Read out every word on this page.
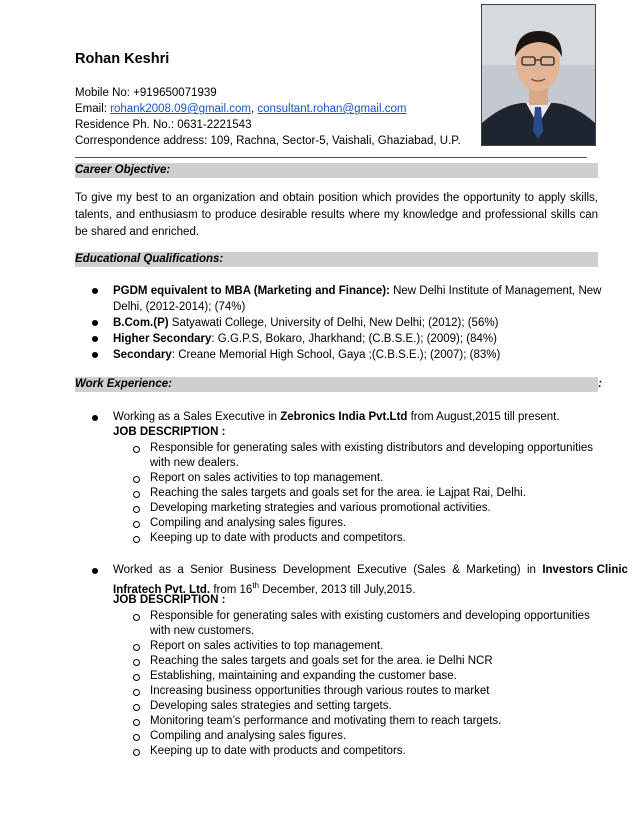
Rohan Keshri
Mobile No: +919650071939
Email: rohank2008.09@gmail.com, consultant.rohan@gmail.com
Residence Ph. No.: 0631-2221543
Correspondence address: 109, Rachna, Sector-5, Vaishali, Ghaziabad, U.P.
Career Objective:
To give my best to an organization and obtain position which provides the opportunity to apply skills, talents, and enthusiasm to produce desirable results where my knowledge and professional skills can be shared and enriched.
Educational Qualifications:
PGDM equivalent to MBA (Marketing and Finance): New Delhi Institute of Management, New
Delhi, (2012-2014); (74%)
B.Com.(P) Satyawati College, University of Delhi, New Delhi; (2012); (56%)
Higher Secondary: G.G.P.S, Bokaro, Jharkhand; (C.B.S.E.); (2009); (84%)
Secondary: Creane Memorial High School, Gaya ;(C.B.S.E.); (2007); (83%)
Work Experience:	:
Working as a Sales Executive in Zebronics India Pvt.Ltd from August,2015 till present.
JOB DESCRIPTION :
Responsible for generating sales with existing distributors and developing opportunities
with new dealers.
Report on sales activities to top management.
Reaching the sales targets and goals set for the area. ie Lajpat Rai, Delhi.
Developing marketing strategies and various promotional activities.
Compiling and analysing sales figures.
Keeping up to date with products and competitors.
Worked  as  a  Senior  Business  Development  Executive  (Sales  &  Marketing)  in  Investors Clinic
Infratech Pvt. Ltd. from 16th December, 2013 till July,2015.
JOB DESCRIPTION :
Responsible for generating sales with existing customers and developing opportunities
with new customers.
Report on sales activities to top management.
Reaching the sales targets and goals set for the area. ie Delhi NCR
Establishing, maintaining and expanding the customer base.
Increasing business opportunities through various routes to market
Developing sales strategies and setting targets.
Monitoring team’s performance and motivating them to reach targets.
Compiling and analysing sales figures.
Keeping up to date with products and competitors.
